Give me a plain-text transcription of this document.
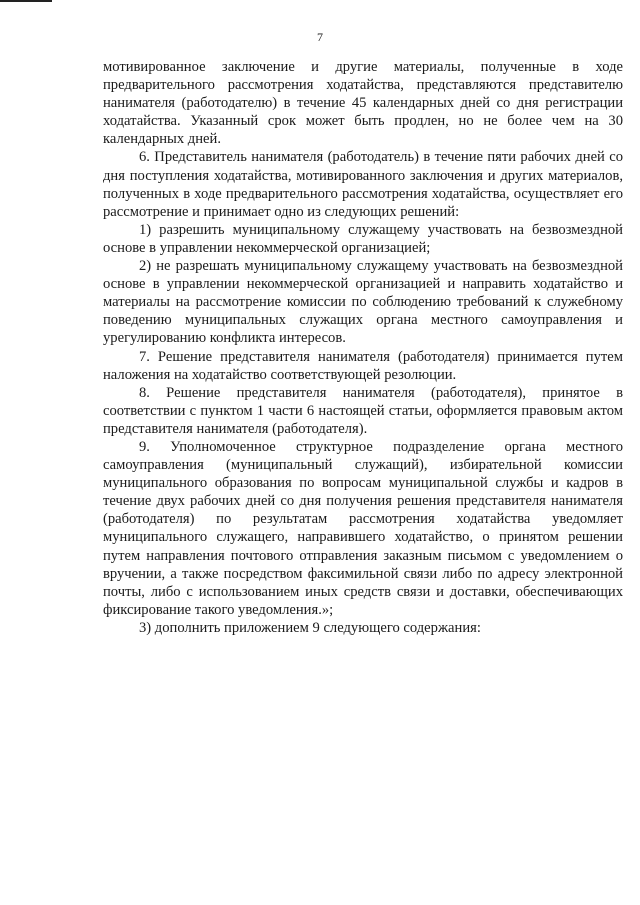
7

мотивированное заключение и другие материалы, полученные в ходе предварительного рассмотрения ходатайства, представляются представителю нанимателя (работодателю) в течение 45 календарных дней со дня регистрации ходатайства. Указанный срок может быть продлен, но не более чем на 30 календарных дней.

6. Представитель нанимателя (работодатель) в течение пяти рабочих дней со дня поступления ходатайства, мотивированного заключения и других материалов, полученных в ходе предварительного рассмотрения ходатайства, осуществляет его рассмотрение и принимает одно из следующих решений:

1) разрешить муниципальному служащему участвовать на безвозмездной основе в управлении некоммерческой организацией;

2) не разрешать муниципальному служащему участвовать на безвозмездной основе в управлении некоммерческой организацией и направить ходатайство и материалы на рассмотрение комиссии по соблюдению требований к служебному поведению муниципальных служащих органа местного самоуправления и урегулированию конфликта интересов.

7. Решение представителя нанимателя (работодателя) принимается путем наложения на ходатайство соответствующей резолюции.

8. Решение представителя нанимателя (работодателя), принятое в соответствии с пунктом 1 части 6 настоящей статьи, оформляется правовым актом представителя нанимателя (работодателя).

9. Уполномоченное структурное подразделение органа местного самоуправления (муниципальный служащий), избирательной комиссии муниципального образования по вопросам муниципальной службы и кадров в течение двух рабочих дней со дня получения решения представителя нанимателя (работодателя) по результатам рассмотрения ходатайства уведомляет муниципального служащего, направившего ходатайство, о принятом решении путем направления почтового отправления заказным письмом с уведомлением о вручении, а также посредством факсимильной связи либо по адресу электронной почты, либо с использованием иных средств связи и доставки, обеспечивающих фиксирование такого уведомления.»;

3) дополнить приложением 9 следующего содержания:
